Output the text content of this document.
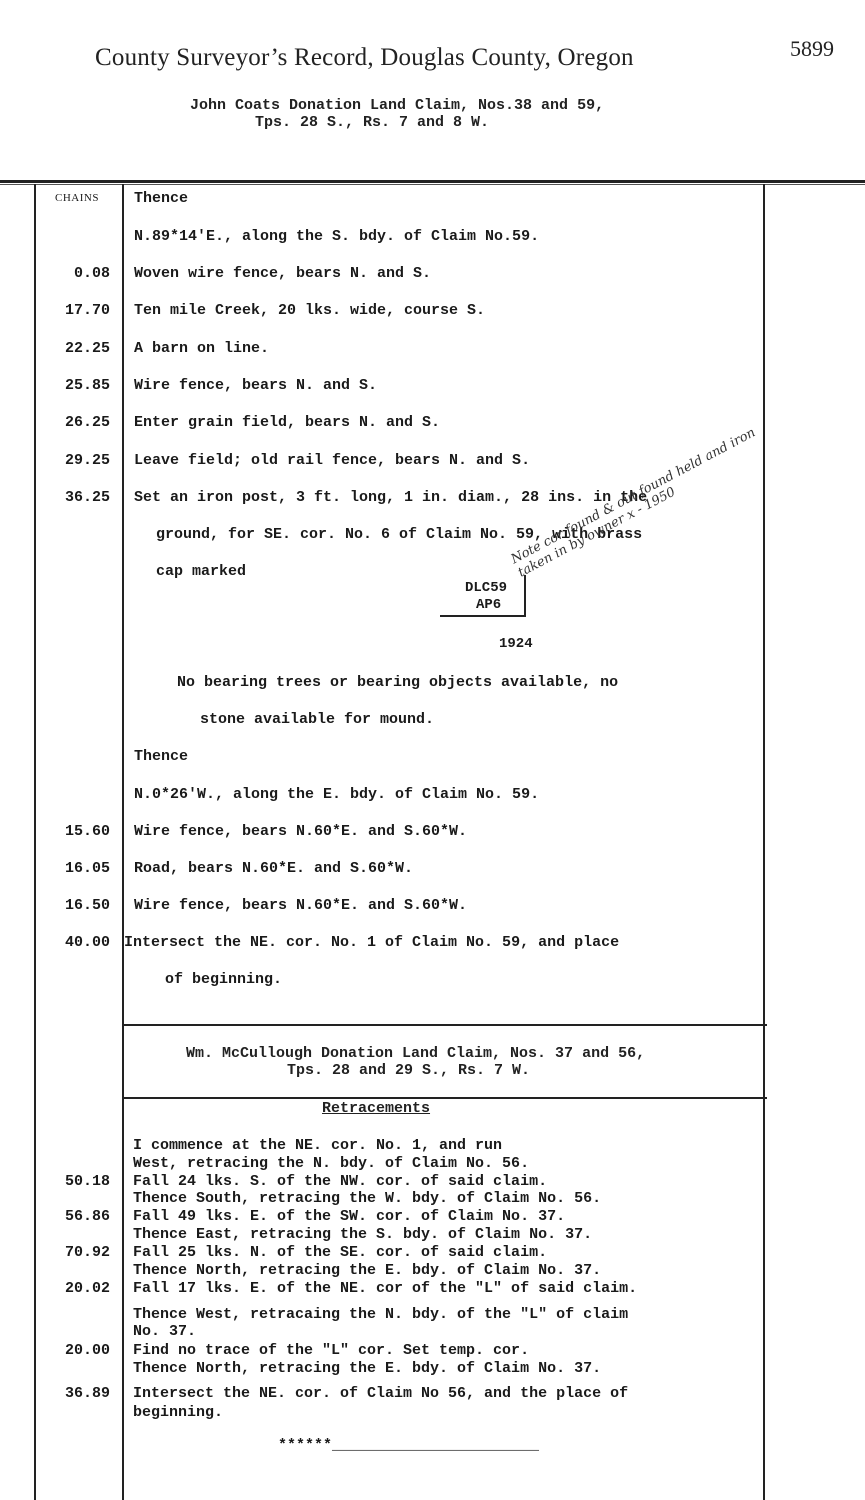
County Surveyor’s Record, Douglas County, Oregon	5899
John Coats Donation Land Claim, Nos.38 and 59,
Tps. 28 S., Rs. 7 and 8 W.
CHAINS Thence
N.89*14'E., along the S. bdy. of Claim No.59.
0.08 Woven wire fence, bears N. and S.
17.70 Ten mile Creek, 20 lks. wide, course S.
22.25 A barn on line.
25.85 Wire fence, bears N. and S.
26.25 Enter grain field, bears N. and S.
29.25 Leave field; old rail fence, bears N. and S.
36.25 Set an iron post, 3 ft. long, 1 in. diam., 28 ins. in the
ground, for SE. cor. No. 6 of Claim No. 59, with brass
cap marked
DLC59
AP6
1924
Note cor found & out found held and iron taken in by owner x - 1950
No bearing trees or bearing objects available, no
stone available for mound.
Thence
N.0*26'W., along the E. bdy. of Claim No. 59.
15.60 Wire fence, bears N.60*E. and S.60*W.
16.05 Road, bears N.60*E. and S.60*W.
16.50 Wire fence, bears N.60*E. and S.60*W.
40.00 Intersect the NE. cor. No. 1 of Claim No. 59, and place
of beginning.
Wm. McCullough Donation Land Claim, Nos. 37 and 56,
Tps. 28 and 29 S., Rs. 7 W.
Retracements
I commence at the NE. cor. No. 1, and run
West, retracing the N. bdy. of Claim No. 56.
50.18 Fall 24 lks. S. of the NW. cor. of said claim.
Thence South, retracing the W. bdy. of Claim No. 56.
56.86 Fall 49 lks. E. of the SW. cor. of Claim No. 37.
Thence East, retracing the S. bdy. of Claim No. 37.
70.92 Fall 25 lks. N. of the SE. cor. of said claim.
Thence North, retracing the E. bdy. of Claim No. 37.
20.02 Fall 17 lks. E. of the NE. cor of the "L" of said claim.
Thence West, retracaing the N. bdy. of the "L" of claim
No. 37.
20.00 Find no trace of the "L" cor. Set temp. cor.
Thence North, retracing the E. bdy. of Claim No. 37.
36.89 Intersect the NE. cor. of Claim No 56, and the place of
beginning.
******_______________________
